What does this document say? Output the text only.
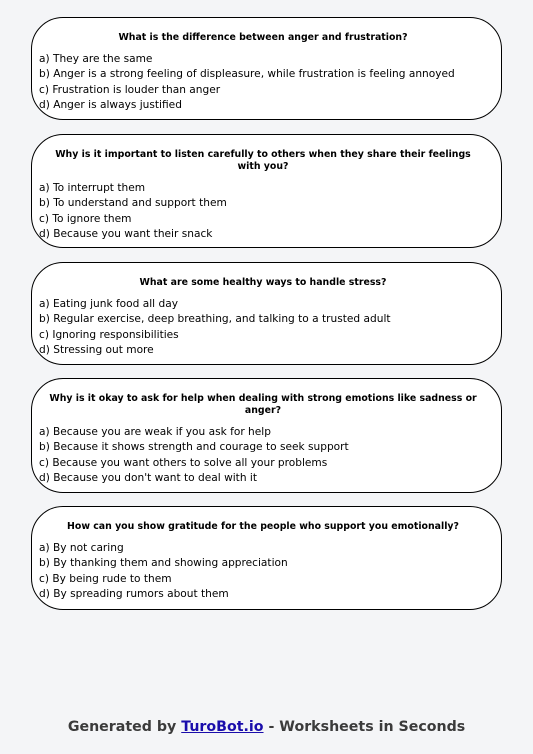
What is the difference between anger and frustration?
a) They are the same
b) Anger is a strong feeling of displeasure, while frustration is feeling annoyed
c) Frustration is louder than anger
d) Anger is always justified
Why is it important to listen carefully to others when they share their feelings with you?
a) To interrupt them
b) To understand and support them
c) To ignore them
d) Because you want their snack
What are some healthy ways to handle stress?
a) Eating junk food all day
b) Regular exercise, deep breathing, and talking to a trusted adult
c) Ignoring responsibilities
d) Stressing out more
Why is it okay to ask for help when dealing with strong emotions like sadness or anger?
a) Because you are weak if you ask for help
b) Because it shows strength and courage to seek support
c) Because you want others to solve all your problems
d) Because you don't want to deal with it
How can you show gratitude for the people who support you emotionally?
a) By not caring
b) By thanking them and showing appreciation
c) By being rude to them
d) By spreading rumors about them
Generated by TuroBot.io - Worksheets in Seconds
